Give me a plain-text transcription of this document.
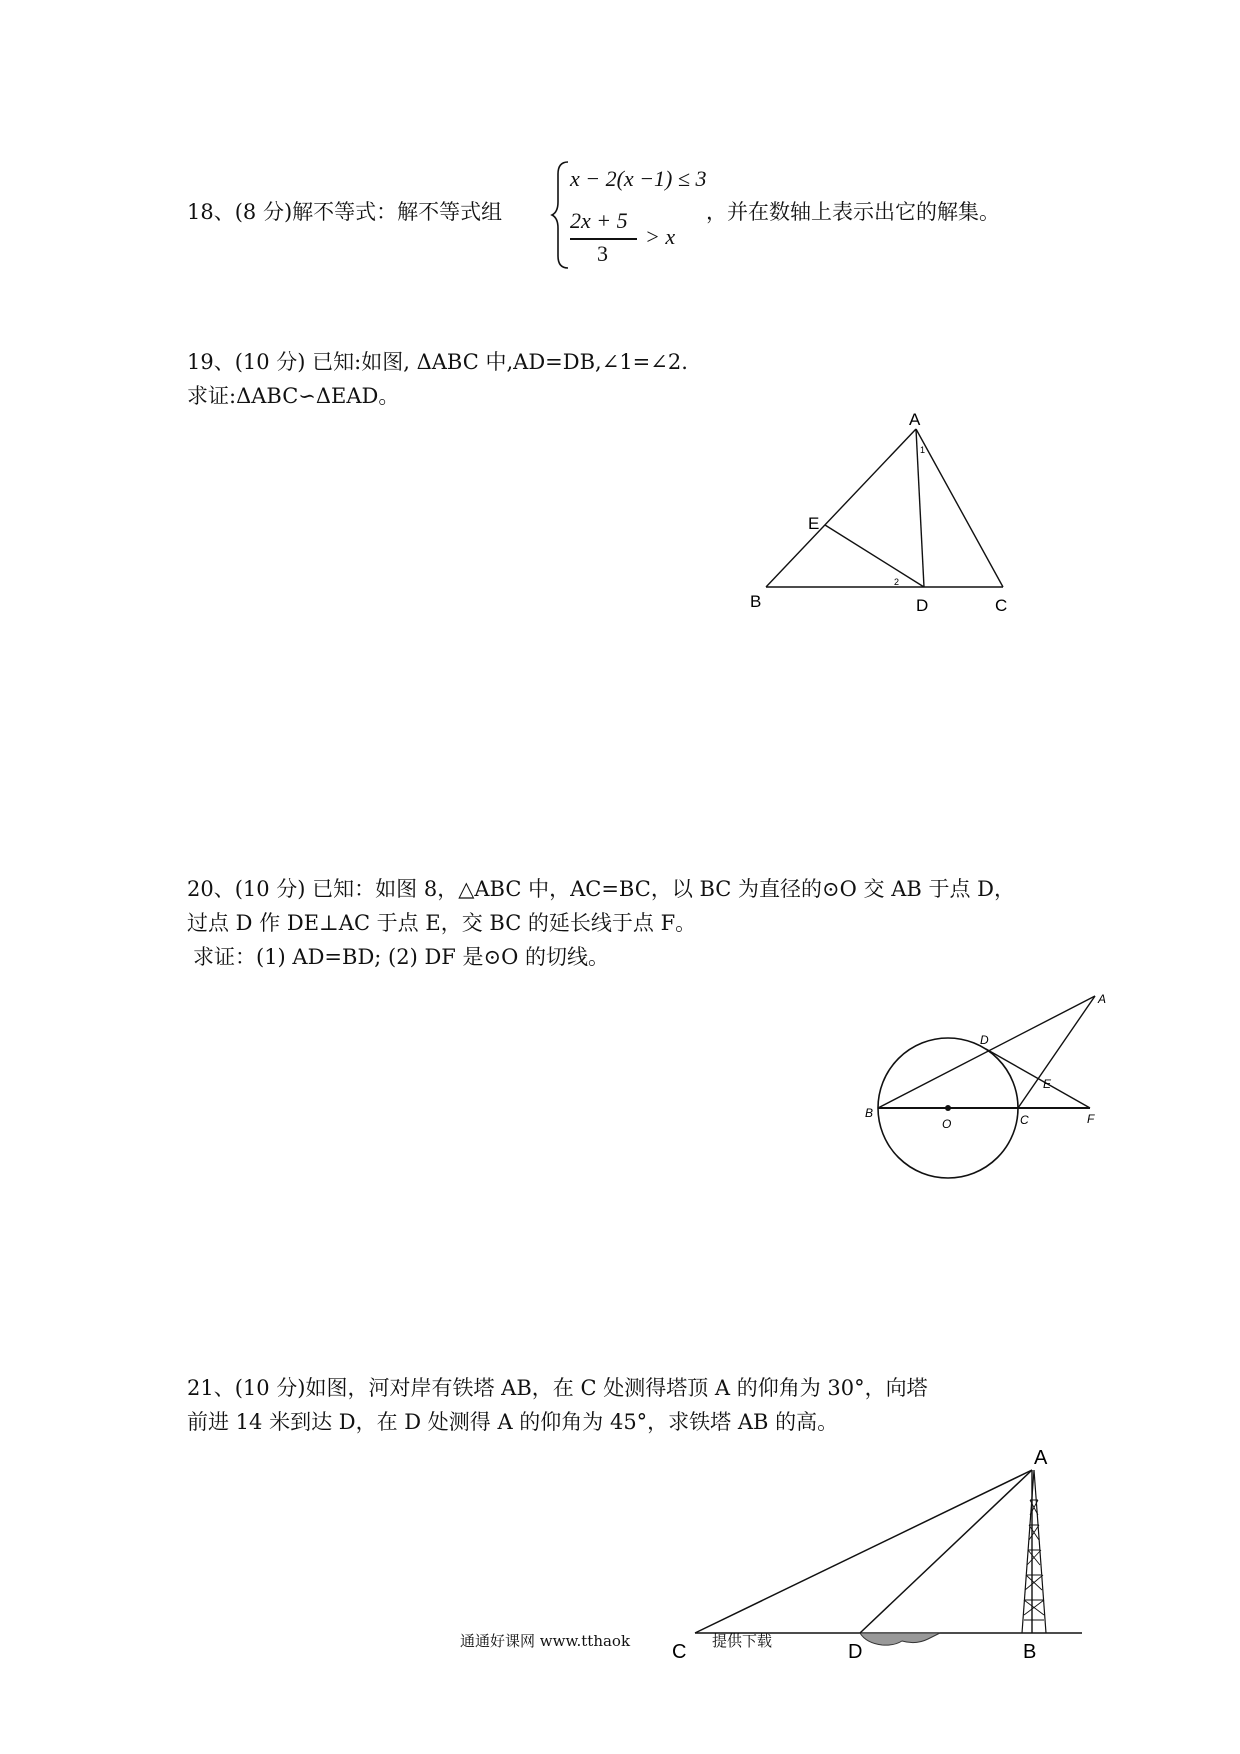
18、(8 分)解不等式：解不等式组
x − 2(x −1) ≤ 3
2x + 5
3
> x
，并在数轴上表示出它的解集。
19、(10 分) 已知:如图, ΔABC 中,AD=DB,∠1=∠2.
求证:ΔABC∽ΔEAD。
A
B	C
D
E
1
2
20、(10 分) 已知：如图 8，△ABC 中，AC=BC，以 BC 为直径的⊙O 交 AB 于点 D，
过点 D 作 DE⊥AC 于点 E，交 BC 的延长线于点 F。
求证：(1) AD=BD; (2) DF 是⊙O 的切线。
A
B	C
D
E
F
O
21、(10 分)如图，河对岸有铁塔 AB，在 C 处测得塔顶 A 的仰角为 30°，向塔
前进 14 米到达 D，在 D 处测得 A 的仰角为 45°，求铁塔 AB 的高。
A
B
C	D
通通好课网 www.tthaok	提供下载
